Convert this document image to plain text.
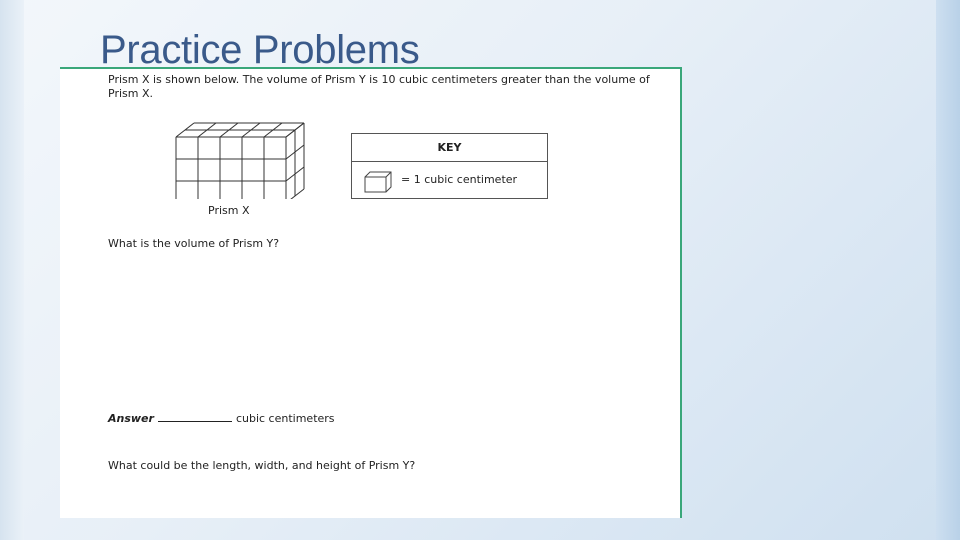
Practice Problems

Prism X is shown below. The volume of Prism Y is 10 cubic centimeters greater than the volume of Prism X.

Prism X

KEY
= 1 cubic centimeter

What is the volume of Prism Y?

Answer	cubic centimeters

What could be the length, width, and height of Prism Y?
